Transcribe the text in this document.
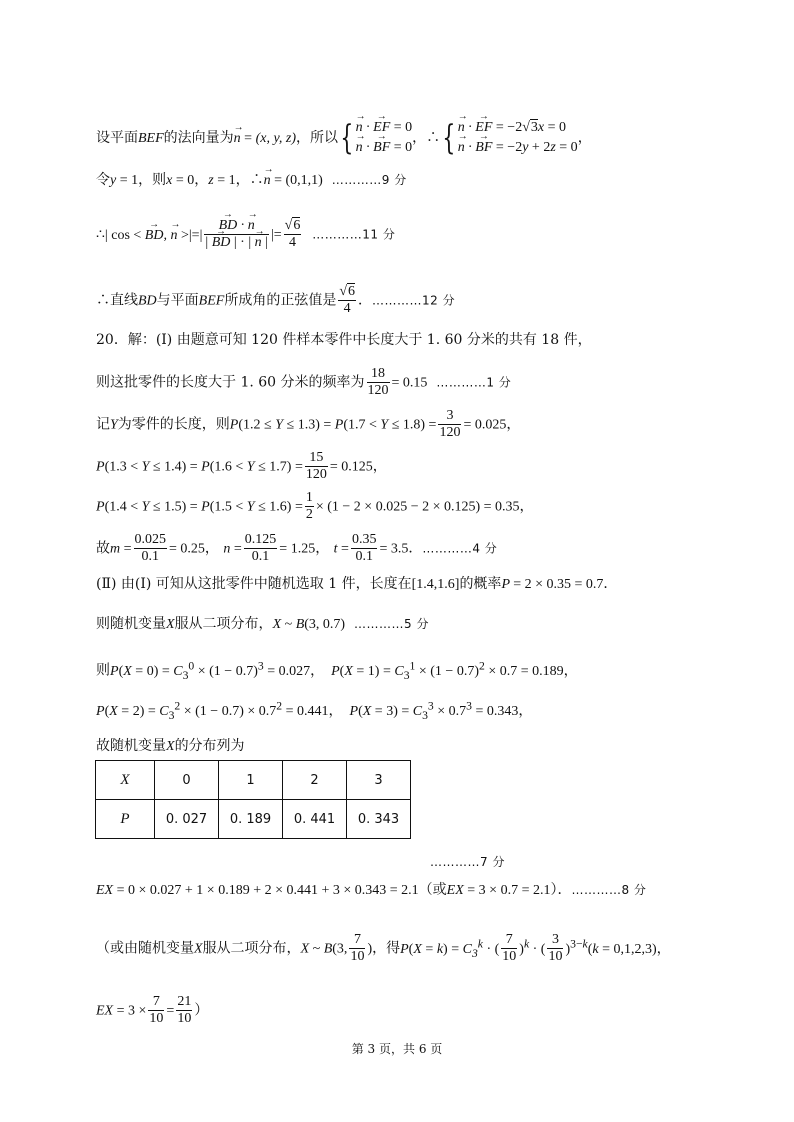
设平面BEF的法向量为→ n = (x, y, z)，所以{ → n · → EF = 0
→ n · → BF = 0
，∴{ → n · → EF = −2√3x = 0
→ n · → BF = −2y + 2z = 0
，
令y = 1，则x = 0，z = 1，∴→ n = (0,1,1) …………9 分
∴| cos < → BD, → n >|=| → $\frac{BD \cdot \to n}{| \to BD | \cdot | \to n |}$ |= $\frac{√6}{4}$ …………11 分
∴直线BD与平面BEF所成角的正弦值是 $\frac{√6}{4}$ ．…………12 分
20．解：(Ⅰ) 由题意可知 120 件样本零件中长度大于 1. 60 分米的共有 18 件，
则这批零件的长度大于 1. 60 分米的频率为 $\frac{18}{120} = 0.15$ …………1 分
记Y为零件的长度，则$P(1.2 \le Y \le 1.3) = P(1.7 < Y \le 1.8) = \frac{3}{120} = 0.025$，
$P(1.3 < Y \le 1.4) = P(1.6 < Y \le 1.7) = \frac{15}{120} = 0.125$，
$P(1.4 < Y \le 1.5) = P(1.5 < Y \le 1.6) = \frac{1}{2} \times (1 - 2 \times 0.025 - 2 \times 0.125) = 0.35$，
故$m = \frac{0.025}{0.1} = 0.25$， $n = \frac{0.125}{0.1} = 1.25$， $t = \frac{0.35}{0.1} = 3.5$．…………4 分
(Ⅱ) 由(Ⅰ) 可知从这批零件中随机选取 1 件，长度在[1.4,1.6]的概率P = 2 × 0.35 = 0.7．
则随机变量X服从二项分布，X ~ B(3, 0.7) …………5 分
则$P(X = 0) = C_3^0 \times (1 - 0.7)^3 = 0.027$，  $P(X = 1) = C_3^1 \times (1 - 0.7)^2 \times 0.7 = 0.189$，
$P(X = 2) = C_3^2 \times (1 - 0.7) \times 0.7^2 = 0.441$，  $P(X = 3) = C_3^3 \times 0.7^3 = 0.343$，
故随机变量X的分布列为
X	0	1	2	3
P	0. 027	0. 189	0. 441	0. 343
…………7 分
EX = 0 × 0.027 + 1 × 0.189 + 2 × 0.441 + 3 × 0.343 = 2.1（或EX = 3 × 0.7 = 2.1）．…………8 分
（或由随机变量X服从二项分布，X ~ B(3, $\frac{7}{10}$ )，得$P(X = k) = C_3^k$ · ( $\frac{7}{10} )^k$ · ( $\frac{3}{10} )^{3-k}(k = 0,1,2,3)$，
EX = $3 \times \frac{7}{10} = \frac{21}{10}$ ）
第 3 页，共 6 页
